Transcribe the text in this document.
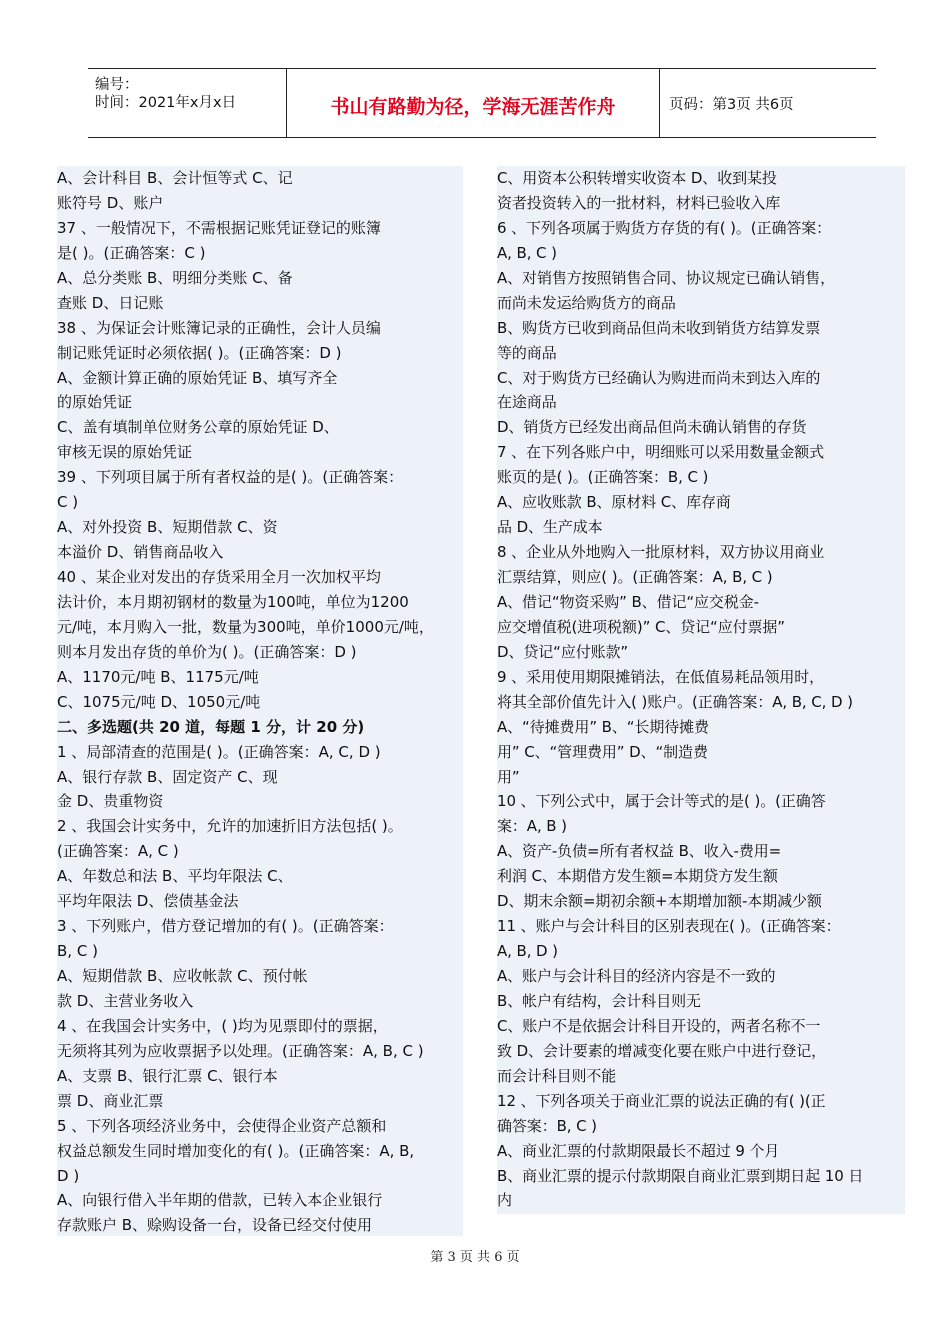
编号：
时间：2021年x月x日	书山有路勤为径，学海无涯苦作舟	页码：第3页 共6页
A、会计科目 B、会计恒等式 C、记
账符号 D、账户
37 、一般情况下，不需根据记账凭证登记的账簿
是( )。(正确答案：C )
A、总分类账 B、明细分类账 C、备
查账 D、日记账
38 、为保证会计账簿记录的正确性，会计人员编
制记账凭证时必须依据( )。(正确答案：D )
A、金额计算正确的原始凭证 B、填写齐全
的原始凭证
C、盖有填制单位财务公章的原始凭证 D、
审核无误的原始凭证
39 、下列项目属于所有者权益的是( )。(正确答案：
C )
A、对外投资 B、短期借款 C、资
本溢价 D、销售商品收入
40 、某企业对发出的存货采用全月一次加权平均
法计价，本月期初钢材的数量为100吨，单位为1200
元/吨，本月购入一批，数量为300吨，单价1000元/吨，
则本月发出存货的单价为( )。(正确答案：D )
A、1170元/吨 B、1175元/吨
C、1075元/吨 D、1050元/吨
二、多选题(共 20 道，每题 1 分，计 20 分)
1 、局部清查的范围是( )。(正确答案：A, C, D )
A、银行存款 B、固定资产 C、现
金 D、贵重物资
2 、我国会计实务中，允许的加速折旧方法包括( )。
(正确答案：A, C )
A、年数总和法 B、平均年限法 C、
平均年限法 D、偿债基金法
3 、下列账户，借方登记增加的有( )。(正确答案：
B, C )
A、短期借款 B、应收帐款 C、预付帐
款 D、主营业务收入
4 、在我国会计实务中，( )均为见票即付的票据，
无须将其列为应收票据予以处理。(正确答案：A, B, C )
A、支票 B、银行汇票 C、银行本
票 D、商业汇票
5 、下列各项经济业务中，会使得企业资产总额和
权益总额发生同时增加变化的有( )。(正确答案：A, B,
D )
A、向银行借入半年期的借款，已转入本企业银行
存款账户 B、赊购设备一台，设备已经交付使用
C、用资本公积转增实收资本 D、收到某投
资者投资转入的一批材料，材料已验收入库
6 、下列各项属于购货方存货的有( )。(正确答案：
A, B, C )
A、对销售方按照销售合同、协议规定已确认销售，
而尚未发运给购货方的商品
B、购货方已收到商品但尚未收到销货方结算发票
等的商品
C、对于购货方已经确认为购进而尚未到达入库的
在途商品
D、销货方已经发出商品但尚未确认销售的存货
7 、在下列各账户中，明细账可以采用数量金额式
账页的是( )。(正确答案：B, C )
A、应收账款 B、原材料 C、库存商
品 D、生产成本
8 、企业从外地购入一批原材料，双方协议用商业
汇票结算，则应( )。(正确答案：A, B, C )
A、借记“物资采购” B、借记“应交税金-
应交增值税(进项税额)” C、贷记“应付票据”
D、贷记“应付账款”
9 、采用使用期限摊销法，在低值易耗品领用时，
将其全部价值先计入( )账户。(正确答案：A, B, C, D )
A、“待摊费用” B、“长期待摊费
用” C、“管理费用” D、“制造费
用”
10 、下列公式中，属于会计等式的是( )。(正确答
案：A, B )
A、资产-负债=所有者权益 B、收入-费用=
利润 C、本期借方发生额=本期贷方发生额
D、期末余额=期初余额+本期增加额-本期减少额
11 、账户与会计科目的区别表现在( )。(正确答案：
A, B, D )
A、账户与会计科目的经济内容是不一致的
B、帐户有结构，会计科目则无
C、账户不是依据会计科目开设的，两者名称不一
致 D、会计要素的增减变化要在账户中进行登记，
而会计科目则不能
12 、下列各项关于商业汇票的说法正确的有( )(正
确答案：B, C )
A、商业汇票的付款期限最长不超过 9 个月
B、商业汇票的提示付款期限自商业汇票到期日起 10 日
内
第 3 页 共 6 页
